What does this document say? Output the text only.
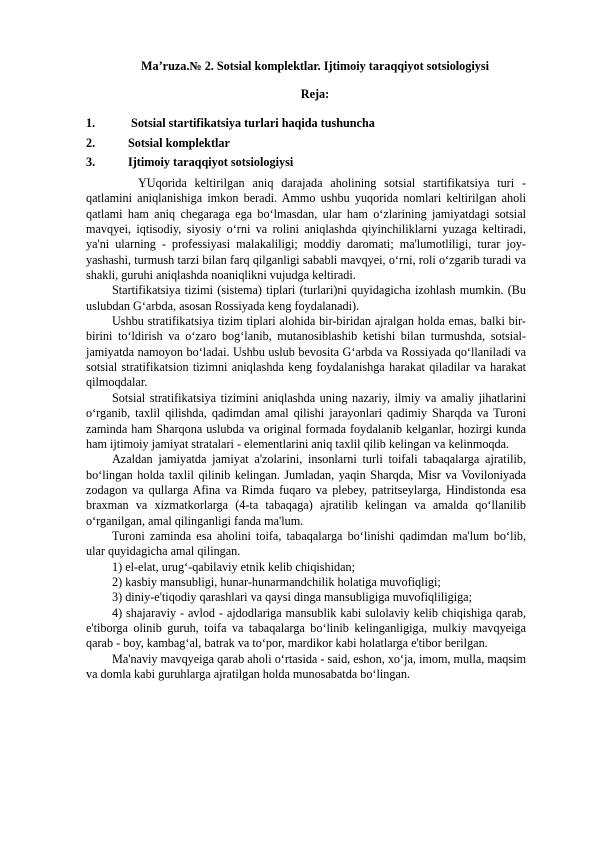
Ma’ruza.№ 2. Sotsial komplektlar. Ijtimoiy taraqqiyot sotsiologiysi
Reja:
1.	Sotsial startifikatsiya turlari haqida tushuncha
2.	Sotsial komplektlar
3.	Ijtimoiy taraqqiyot sotsiologiysi

YUqorida keltirilgan aniq darajada aholining sotsial startifikatsiya turi - qatlamini aniqlanishiga imkon beradi. Ammo ushbu yuqorida nomlari keltirilgan aholi qatlami ham aniq chegaraga ega bo‘lmasdan, ular ham o‘zlarining jamiyatdagi sotsial mavqyei, iqtisodiy, siyosiy o‘rni va rolini aniqlashda qiyinchiliklarni yuzaga keltiradi, ya'ni ularning - professiyasi malakaliligi; moddiy daromati; ma'lumotliligi, turar joy-yashashi, turmush tarzi bilan farq qilganligi sababli mavqyei, o‘rni, roli o‘zgarib turadi va shakli, guruhi aniqlashda noaniqlikni vujudga keltiradi.

Startifikatsiya tizimi (sistema) tiplari (turlari)ni quyidagicha izohlash mumkin. (Bu uslubdan G‘arbda, asosan Rossiyada keng foydalanadi).

Ushbu stratifikatsiya tizim tiplari alohida bir-biridan ajralgan holda emas, balki bir-birini to‘ldirish va o‘zaro bog‘lanib, mutanosiblashib ketishi bilan turmushda, sotsial-jamiyatda namoyon bo‘ladai. Ushbu uslub bevosita G‘arbda va Rossiyada qo‘llaniladi va sotsial stratifikatsion tizimni aniqlashda keng foydalanishga harakat qiladilar va harakat qilmoqdalar.

Sotsial stratifikatsiya tizimini aniqlashda uning nazariy, ilmiy va amaliy jihatlarini o‘rganib, taxlil qilishda, qadimdan amal qilishi jarayonlari qadimiy Sharqda va Turoni zaminda ham Sharqona uslubda va original formada foydalanib kelganlar, hozirgi kunda ham ijtimoiy jamiyat stratalari - elementlarini aniq taxlil qilib kelingan va kelinmoqda.

Azaldan jamiyatda jamiyat a'zolarini, insonlarni turli toifali tabaqalarga ajratilib, bo‘lingan holda taxlil qilinib kelingan. Jumladan, yaqin Sharqda, Misr va Voviloniyada zodagon va qullarga Afina va Rimda fuqaro va plebey, patritseylarga, Hindistonda esa braxman va xizmatkorlarga (4-ta tabaqaga) ajratilib kelingan va amalda qo‘llanilib o‘rganilgan, amal qilinganligi fanda ma'lum.

Turoni zaminda esa aholini toifa, tabaqalarga bo‘linishi qadimdan ma'lum bo‘lib, ular quyidagicha amal qilingan.

1) el-elat, urug‘-qabilaviy etnik kelib chiqishidan;

2) kasbiy mansubligi, hunar-hunarmandchilik holatiga muvofiqligi;

3) diniy-e'tiqodiy qarashlari va qaysi dinga mansubligiga muvofiqliligiga;

4) shajaraviy - avlod - ajdodlariga mansublik kabi sulolaviy kelib chiqishiga qarab, e'tiborga olinib guruh, toifa va tabaqalarga bo‘linib kelinganligiga, mulkiy mavqyeiga qarab - boy, kambag‘al, batrak va to‘por, mardikor kabi holatlarga e'tibor berilgan.

Ma'naviy mavqyeiga qarab aholi o‘rtasida - said, eshon, xo‘ja, imom, mulla, maqsim va domla kabi guruhlarga ajratilgan holda munosabatda bo‘lingan.
